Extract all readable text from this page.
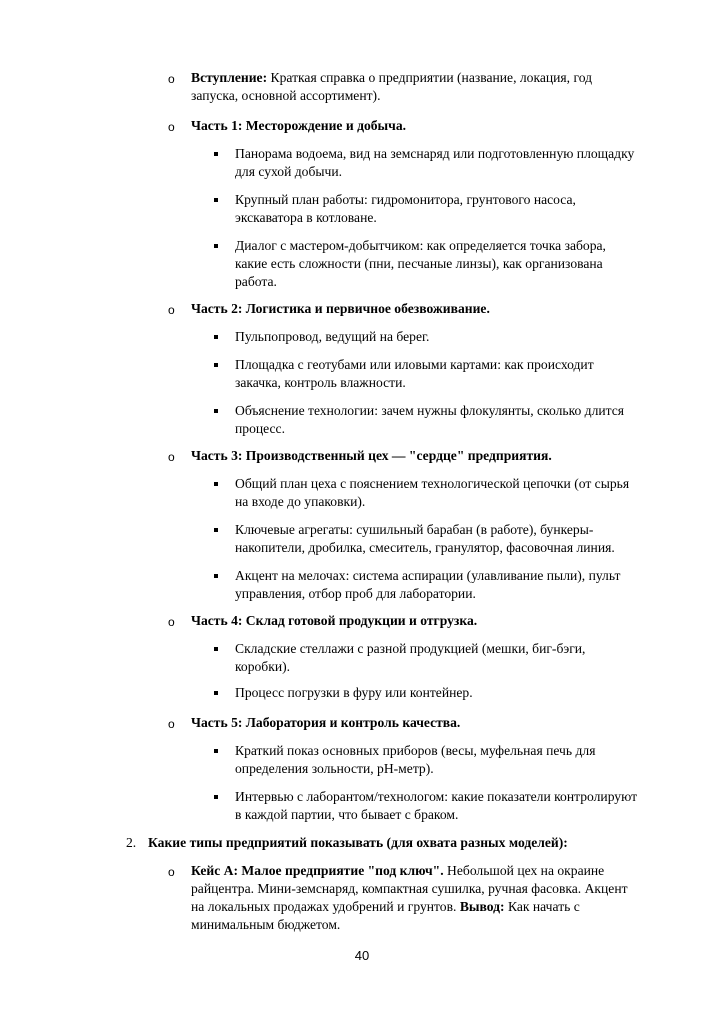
o Вступление: Краткая справка о предприятии (название, локация, год
запуска, основной ассортимент).
o Часть 1: Месторождение и добыча.
Панорама водоема, вид на земснаряд или подготовленную площадку
для сухой добычи.
Крупный план работы: гидромонитора, грунтового насоса,
экскаватора в котловане.
Диалог с мастером-добытчиком: как определяется точка забора,
какие есть сложности (пни, песчаные линзы), как организована
работа.
o Часть 2: Логистика и первичное обезвоживание.
Пульпопровод, ведущий на берег.
Площадка с геотубами или иловыми картами: как происходит
закачка, контроль влажности.
Объяснение технологии: зачем нужны флокулянты, сколько длится
процесс.
o Часть 3: Производственный цех — "сердце" предприятия.
Общий план цеха с пояснением технологической цепочки (от сырья
на входе до упаковки).
Ключевые агрегаты: сушильный барабан (в работе), бункеры-
накопители, дробилка, смеситель, гранулятор, фасовочная линия.
Акцент на мелочах: система аспирации (улавливание пыли), пульт
управления, отбор проб для лаборатории.
o Часть 4: Склад готовой продукции и отгрузка.
Складские стеллажи с разной продукцией (мешки, биг-бэги,
коробки).
Процесс погрузки в фуру или контейнер.
o Часть 5: Лаборатория и контроль качества.
Краткий показ основных приборов (весы, муфельная печь для
определения зольности, pH-метр).
Интервью с лаборантом/технологом: какие показатели контролируют
в каждой партии, что бывает с браком.
2. Какие типы предприятий показывать (для охвата разных моделей):
o Кейс А: Малое предприятие "под ключ". Небольшой цех на окраине
райцентра. Мини-земснаряд, компактная сушилка, ручная фасовка. Акцент
на локальных продажах удобрений и грунтов. Вывод: Как начать с
минимальным бюджетом.
40
